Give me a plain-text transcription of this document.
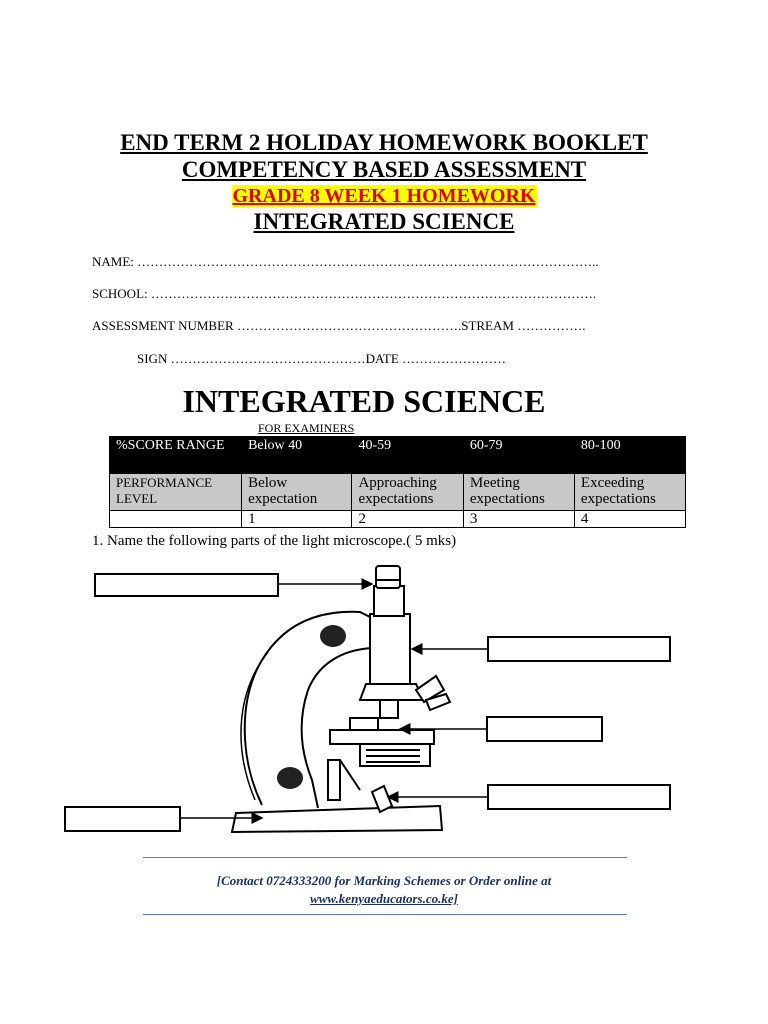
END TERM 2 HOLIDAY HOMEWORK BOOKLET
COMPETENCY BASED ASSESSMENT
GRADE 8 WEEK 1 HOMEWORK
INTEGRATED SCIENCE
NAME: ……………………………………………………………………………………………..
SCHOOL: ………………………………………………………………………………………….
ASSESSMENT NUMBER …………………………………………….STREAM …………….
SIGN ………………………………………DATE ……………………
INTEGRATED SCIENCE
FOR EXAMINERS
%SCORE RANGE	Below 40	40-59	60-79	80-100
PERFORMANCE LEVEL	Below expectation	Approaching expectations	Meeting expectations	Exceeding expectations
	1	2	3	4
1. Name the following parts of the light microscope.( 5 mks)
[Contact 0724333200 for Marking Schemes or Order online at
www.kenyaeducators.co.ke]
